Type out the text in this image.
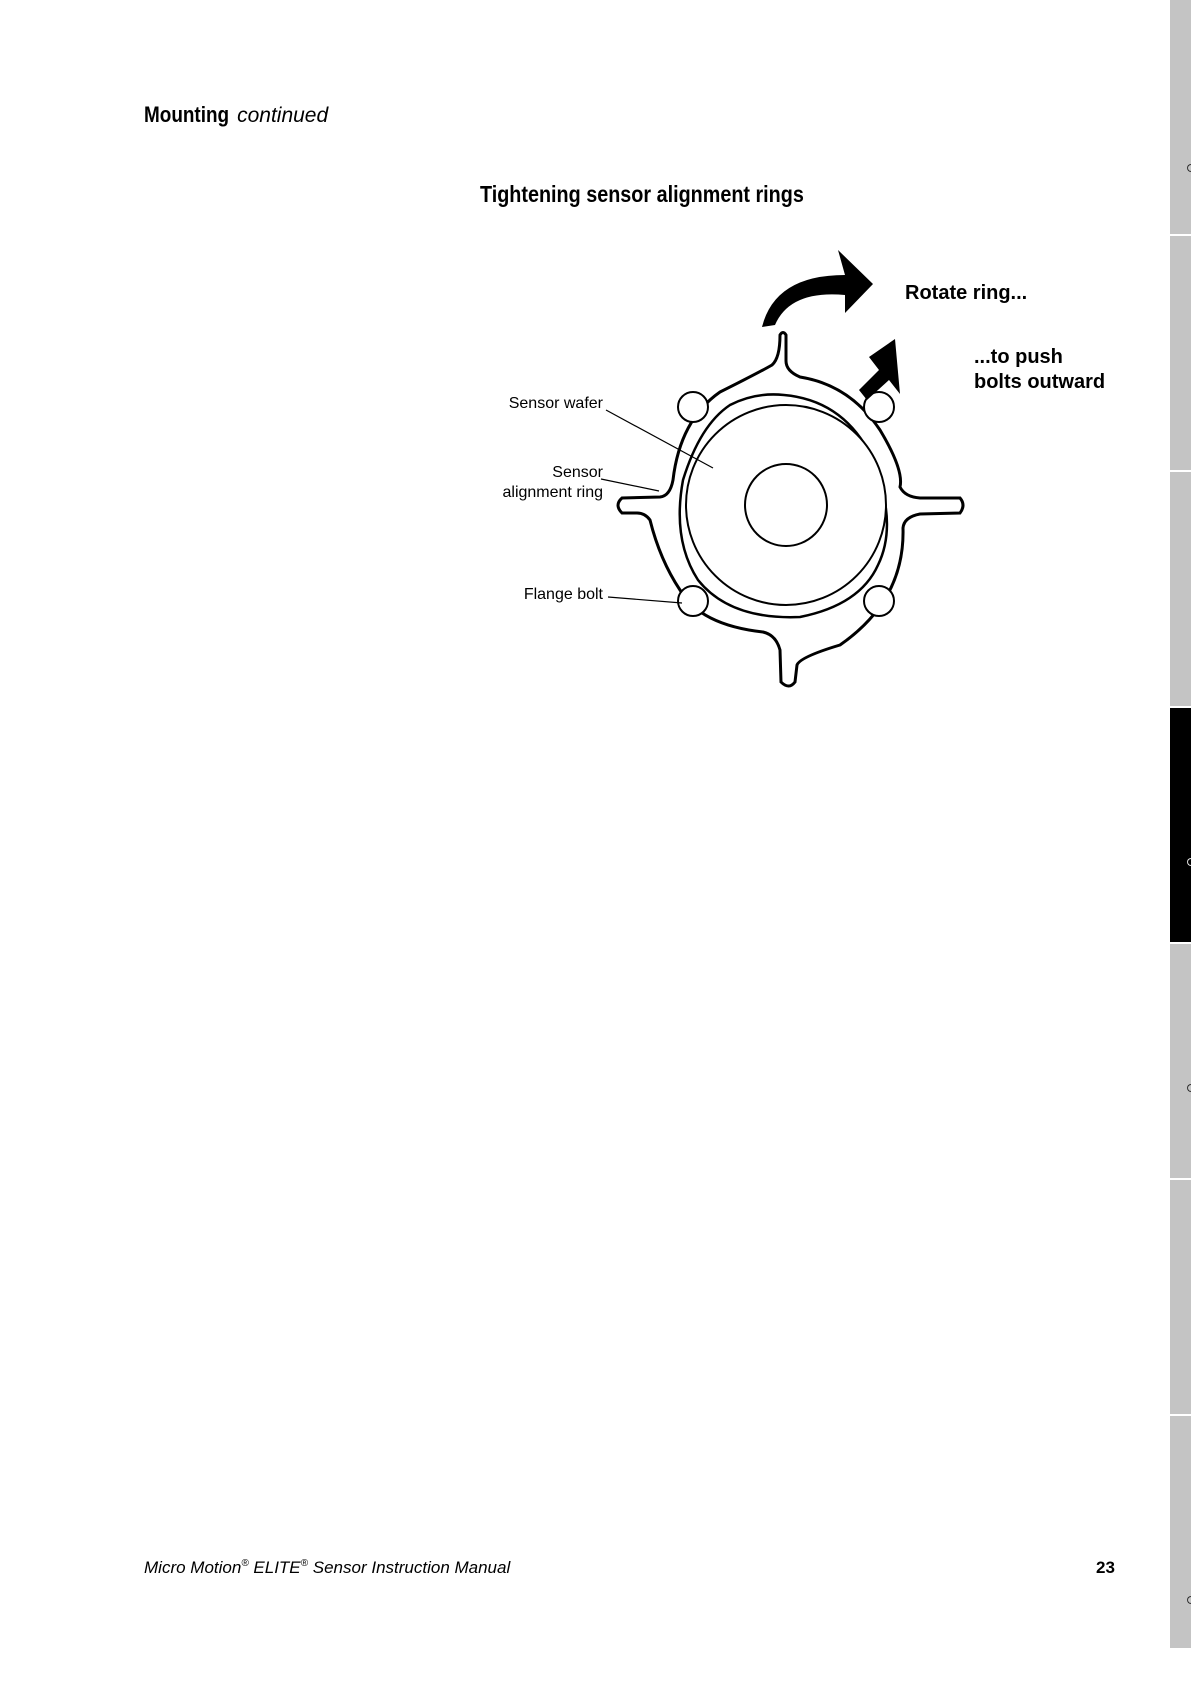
Mounting continued
Tightening sensor alignment rings
Rotate ring...
...to push
bolts outward
Sensor wafer
Sensor
alignment ring
Flange bolt
Micro Motion® ELITE® Sensor Instruction Manual	23
